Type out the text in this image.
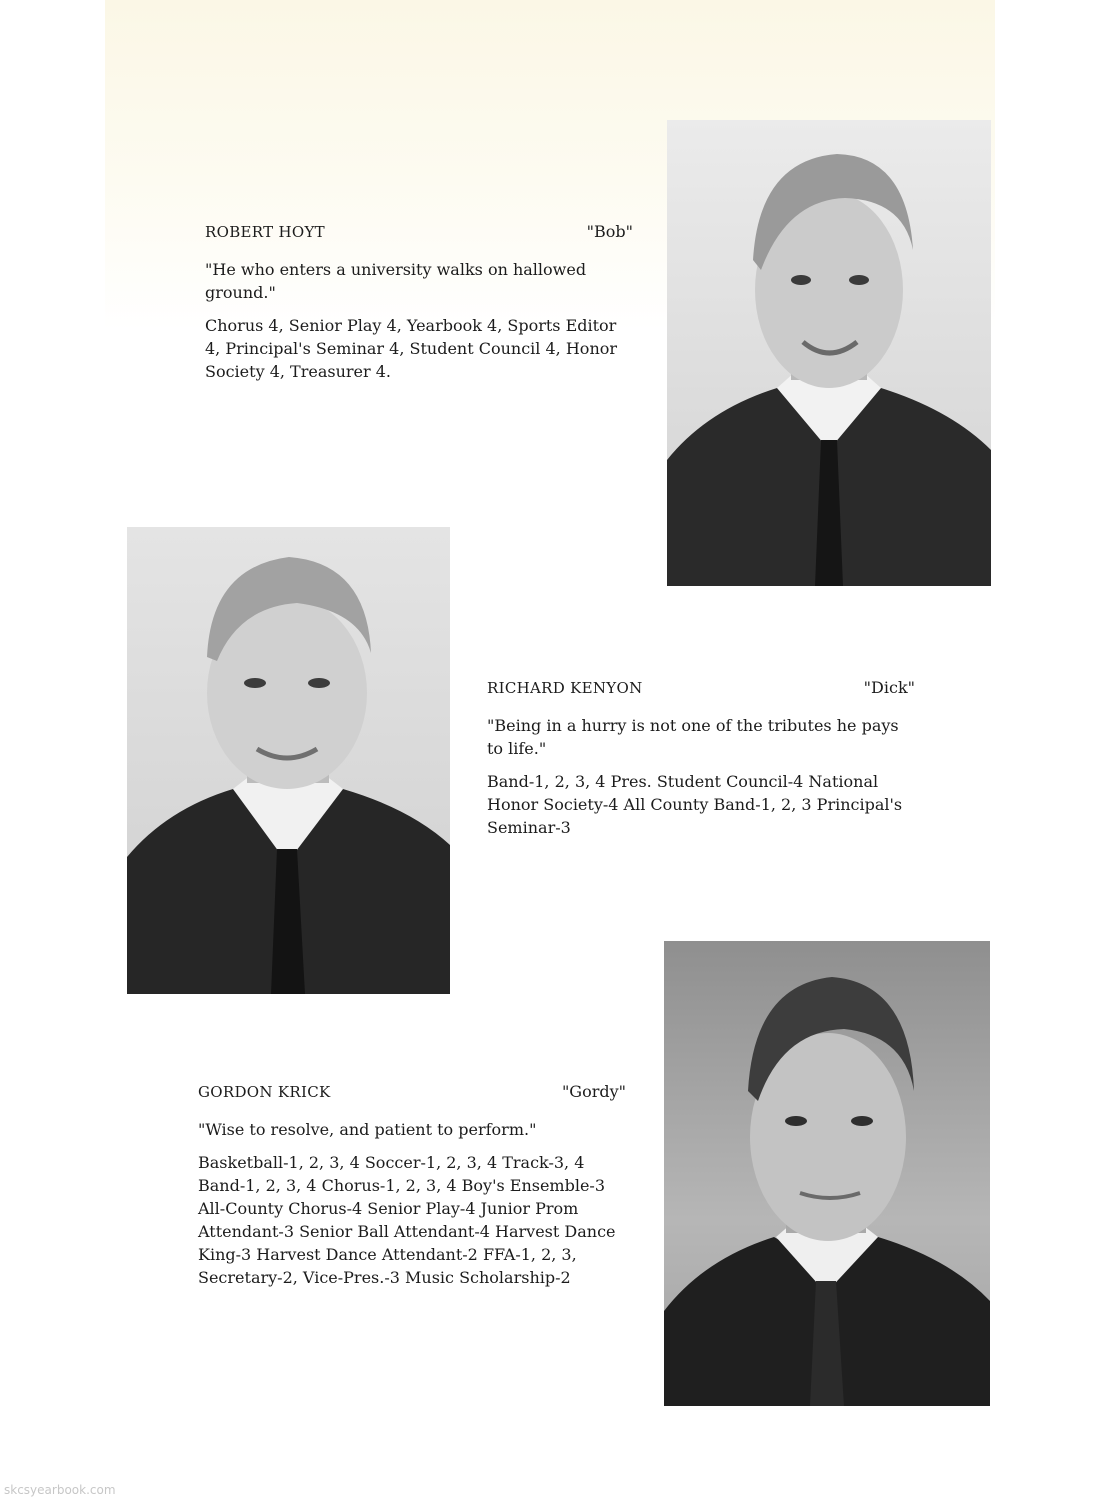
ROBERT HOYT	"Bob"

"He who enters a university walks on hallowed ground."

Chorus 4, Senior Play 4, Yearbook 4, Sports Editor 4, Principal's Seminar 4, Student Council 4, Honor Society 4, Treasurer 4.

RICHARD KENYON	"Dick"

"Being in a hurry is not one of the tributes he pays to life."

Band-1, 2, 3, 4 Pres. Student Council-4 National Honor Society-4 All County Band-1, 2, 3 Principal's Seminar-3

GORDON KRICK	"Gordy"

"Wise to resolve, and patient to perform."

Basketball-1, 2, 3, 4 Soccer-1, 2, 3, 4 Track-3, 4 Band-1, 2, 3, 4 Chorus-1, 2, 3, 4 Boy's Ensemble-3 All-County Chorus-4 Senior Play-4 Junior Prom Attendant-3 Senior Ball Attendant-4 Harvest Dance King-3 Harvest Dance Attendant-2 FFA-1, 2, 3, Secretary-2, Vice-Pres.-3 Music Scholarship-2

skcsyearbook.com
